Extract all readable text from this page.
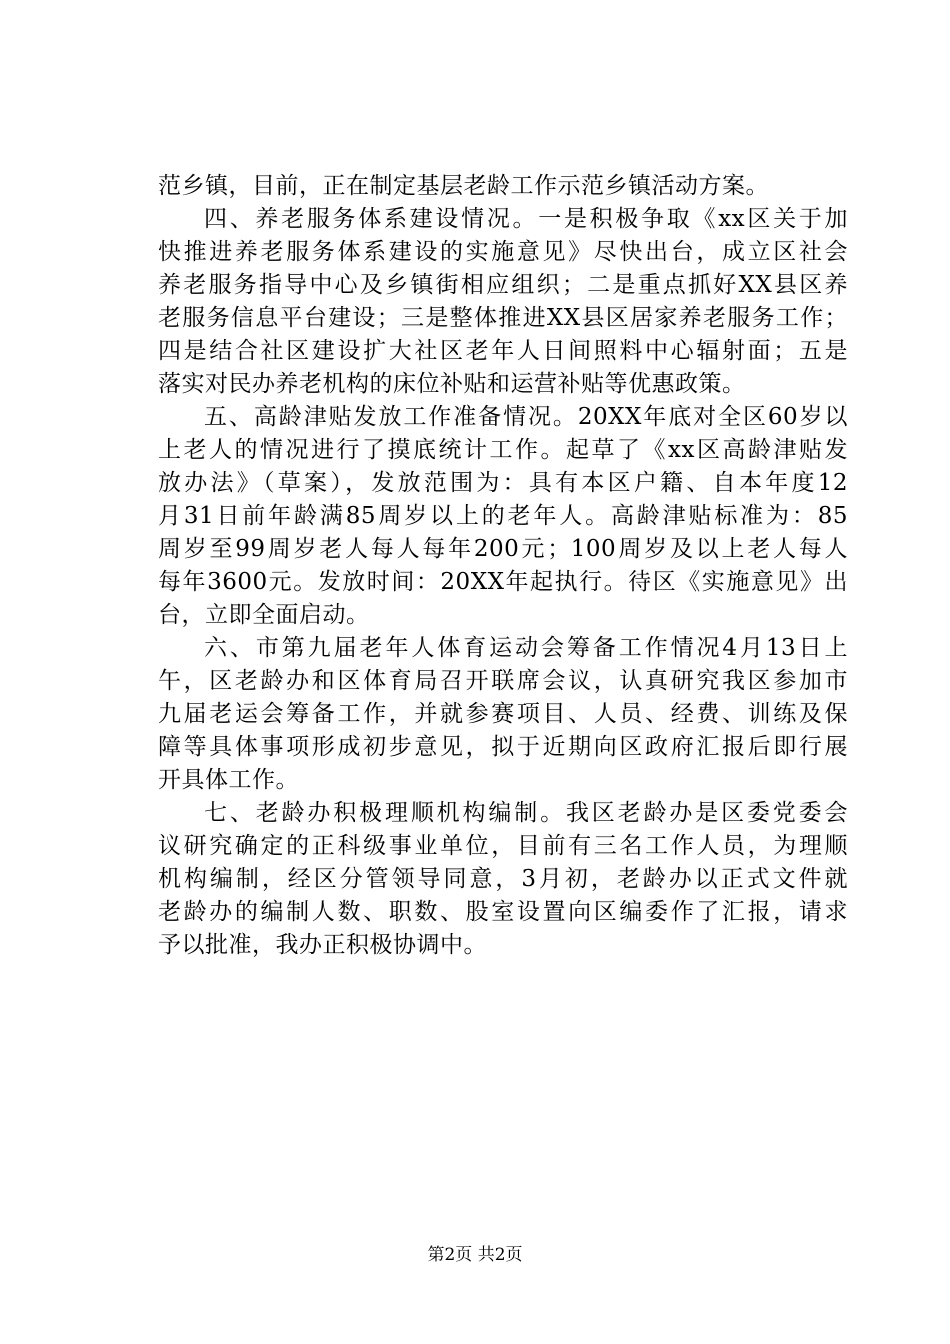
范乡镇，目前，正在制定基层老龄工作示范乡镇活动方案。
四、养老服务体系建设情况。一是积极争取《xx区关于加
快推进养老服务体系建设的实施意见》尽快出台，成立区社会
养老服务指导中心及乡镇街相应组织；二是重点抓好XX县区养
老服务信息平台建设；三是整体推进XX县区居家养老服务工作；
四是结合社区建设扩大社区老年人日间照料中心辐射面；五是
落实对民办养老机构的床位补贴和运营补贴等优惠政策。
五、高龄津贴发放工作准备情况。20XX年底对全区60岁以
上老人的情况进行了摸底统计工作。起草了《xx区高龄津贴发
放办法》（草案），发放范围为：具有本区户籍、自本年度12
月31日前年龄满85周岁以上的老年人。高龄津贴标准为：85
周岁至99周岁老人每人每年200元；100周岁及以上老人每人
每年3600元。发放时间：20XX年起执行。待区《实施意见》出
台，立即全面启动。
六、市第九届老年人体育运动会筹备工作情况4月13日上
午，区老龄办和区体育局召开联席会议，认真研究我区参加市
九届老运会筹备工作，并就参赛项目、人员、经费、训练及保
障等具体事项形成初步意见，拟于近期向区政府汇报后即行展
开具体工作。
七、老龄办积极理顺机构编制。我区老龄办是区委党委会
议研究确定的正科级事业单位，目前有三名工作人员，为理顺
机构编制，经区分管领导同意，3月初，老龄办以正式文件就
老龄办的编制人数、职数、股室设置向区编委作了汇报，请求
予以批准，我办正积极协调中。
第2页 共2页
